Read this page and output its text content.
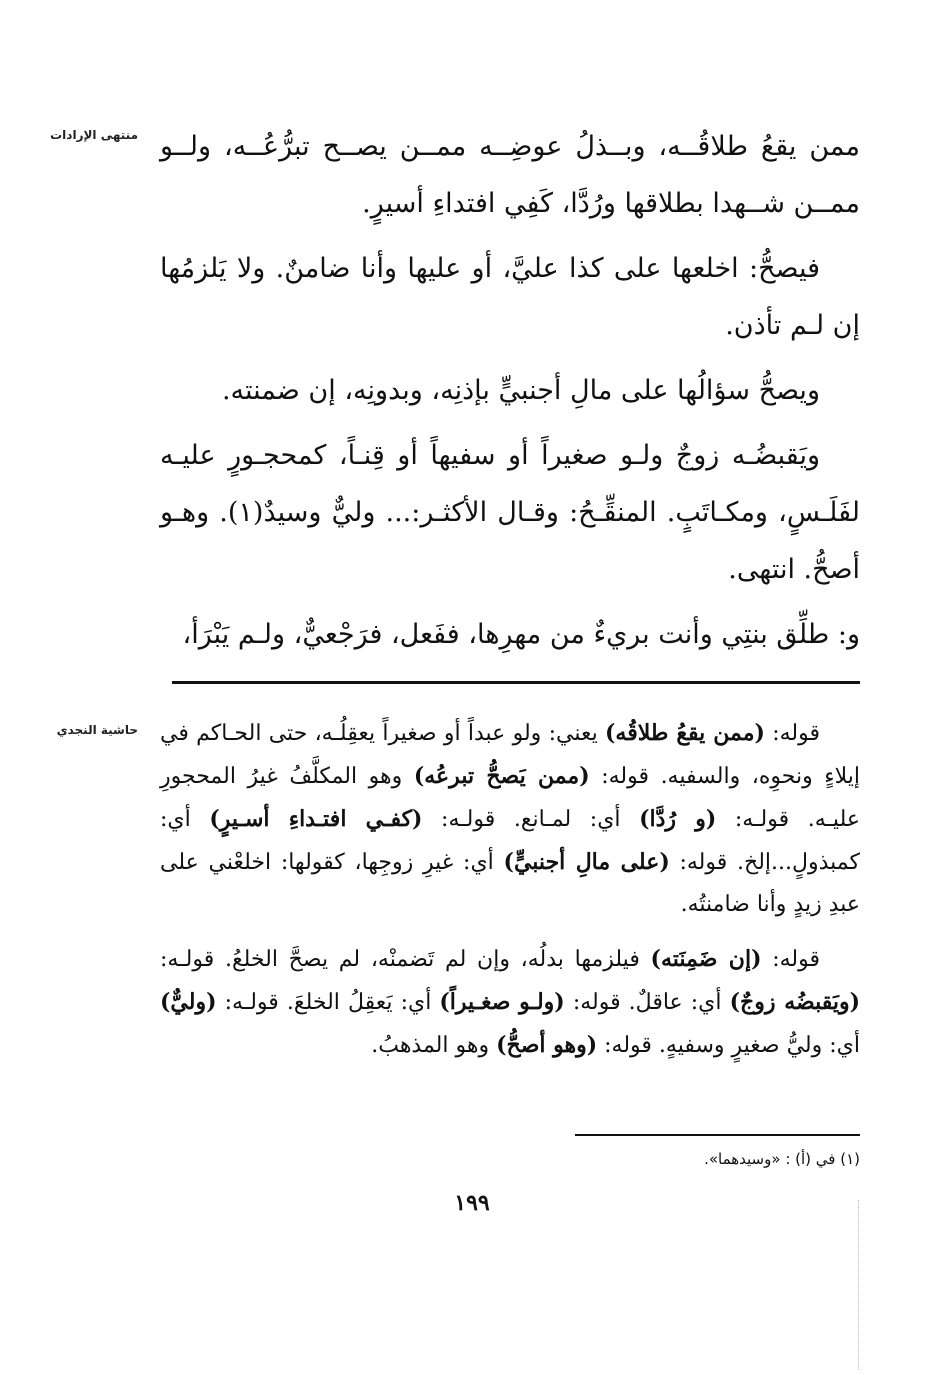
منتهى الإرادات
حاشية النجدي

ممن يقعُ طلاقُــه، وبــذلُ عوضِــه ممــن يصــح تبرُّعُــه، ولــو ممــن شــهدا بطلاقها ورُدَّا، كَفِي افتداءِ أسيرٍ.

فيصحُّ: اخلعها على كذا عليَّ، أو عليها وأنا ضامنٌ. ولا يَلزمُها إن لـم تأذن.

ويصحُّ سؤالُها على مالِ أجنبيٍّ بإذنِه، وبدونِه، إن ضمنته.

ويَقبضُـه زوجٌ ولـو صغيراً أو سفيهاً أو قِنـاً، كمحجـورٍ عليـه لفَلَـسٍ، ومكـاتَبٍ. المنقِّـحُ: وقـال الأكثـر:... وليٌّ وسيدٌ(١). وهـو أصحُّ. انتهى.

و: طلِّق بنتِي وأنت بريءٌ من مهرِها، ففَعل، فرَجْعيٌّ، ولـم يَبْرَأ،

قوله: (ممن يقعُ طلاقُه) يعني: ولو عبداً أو صغيراً يعقِلُـه، حتى الحـاكم في إيلاءٍ ونحوِه، والسفيه. قوله: (ممن يَصحُّ تبرعُه) وهو المكلَّفُ غيرُ المحجورِ عليـه. قولـه: (و رُدَّا) أي: لمـانع. قولـه: (كفـي افتـداءِ أسـيرٍ) أي: كمبذولٍ...إلخ. قوله: (على مالِ أجنبيٍّ) أي: غيرِ زوجِها، كقولها: اخلعْني على عبدِ زيدٍ وأنا ضامنتُه.

قوله: (إن ضَمِنَته) فيلزمها بدلُه، وإن لم تَضمنْه، لم يصحَّ الخلعُ. قولـه: (ويَقبضُه زوجٌ) أي: عاقلٌ. قوله: (ولـو صغـيراً) أي: يَعقِلُ الخلعَ. قولـه: (وليٌّ) أي: وليُّ صغيرٍ وسفيهٍ. قوله: (وهو أصحُّ) وهو المذهبُ.

(١) في (أ) : «وسيدهما».
١٩٩
